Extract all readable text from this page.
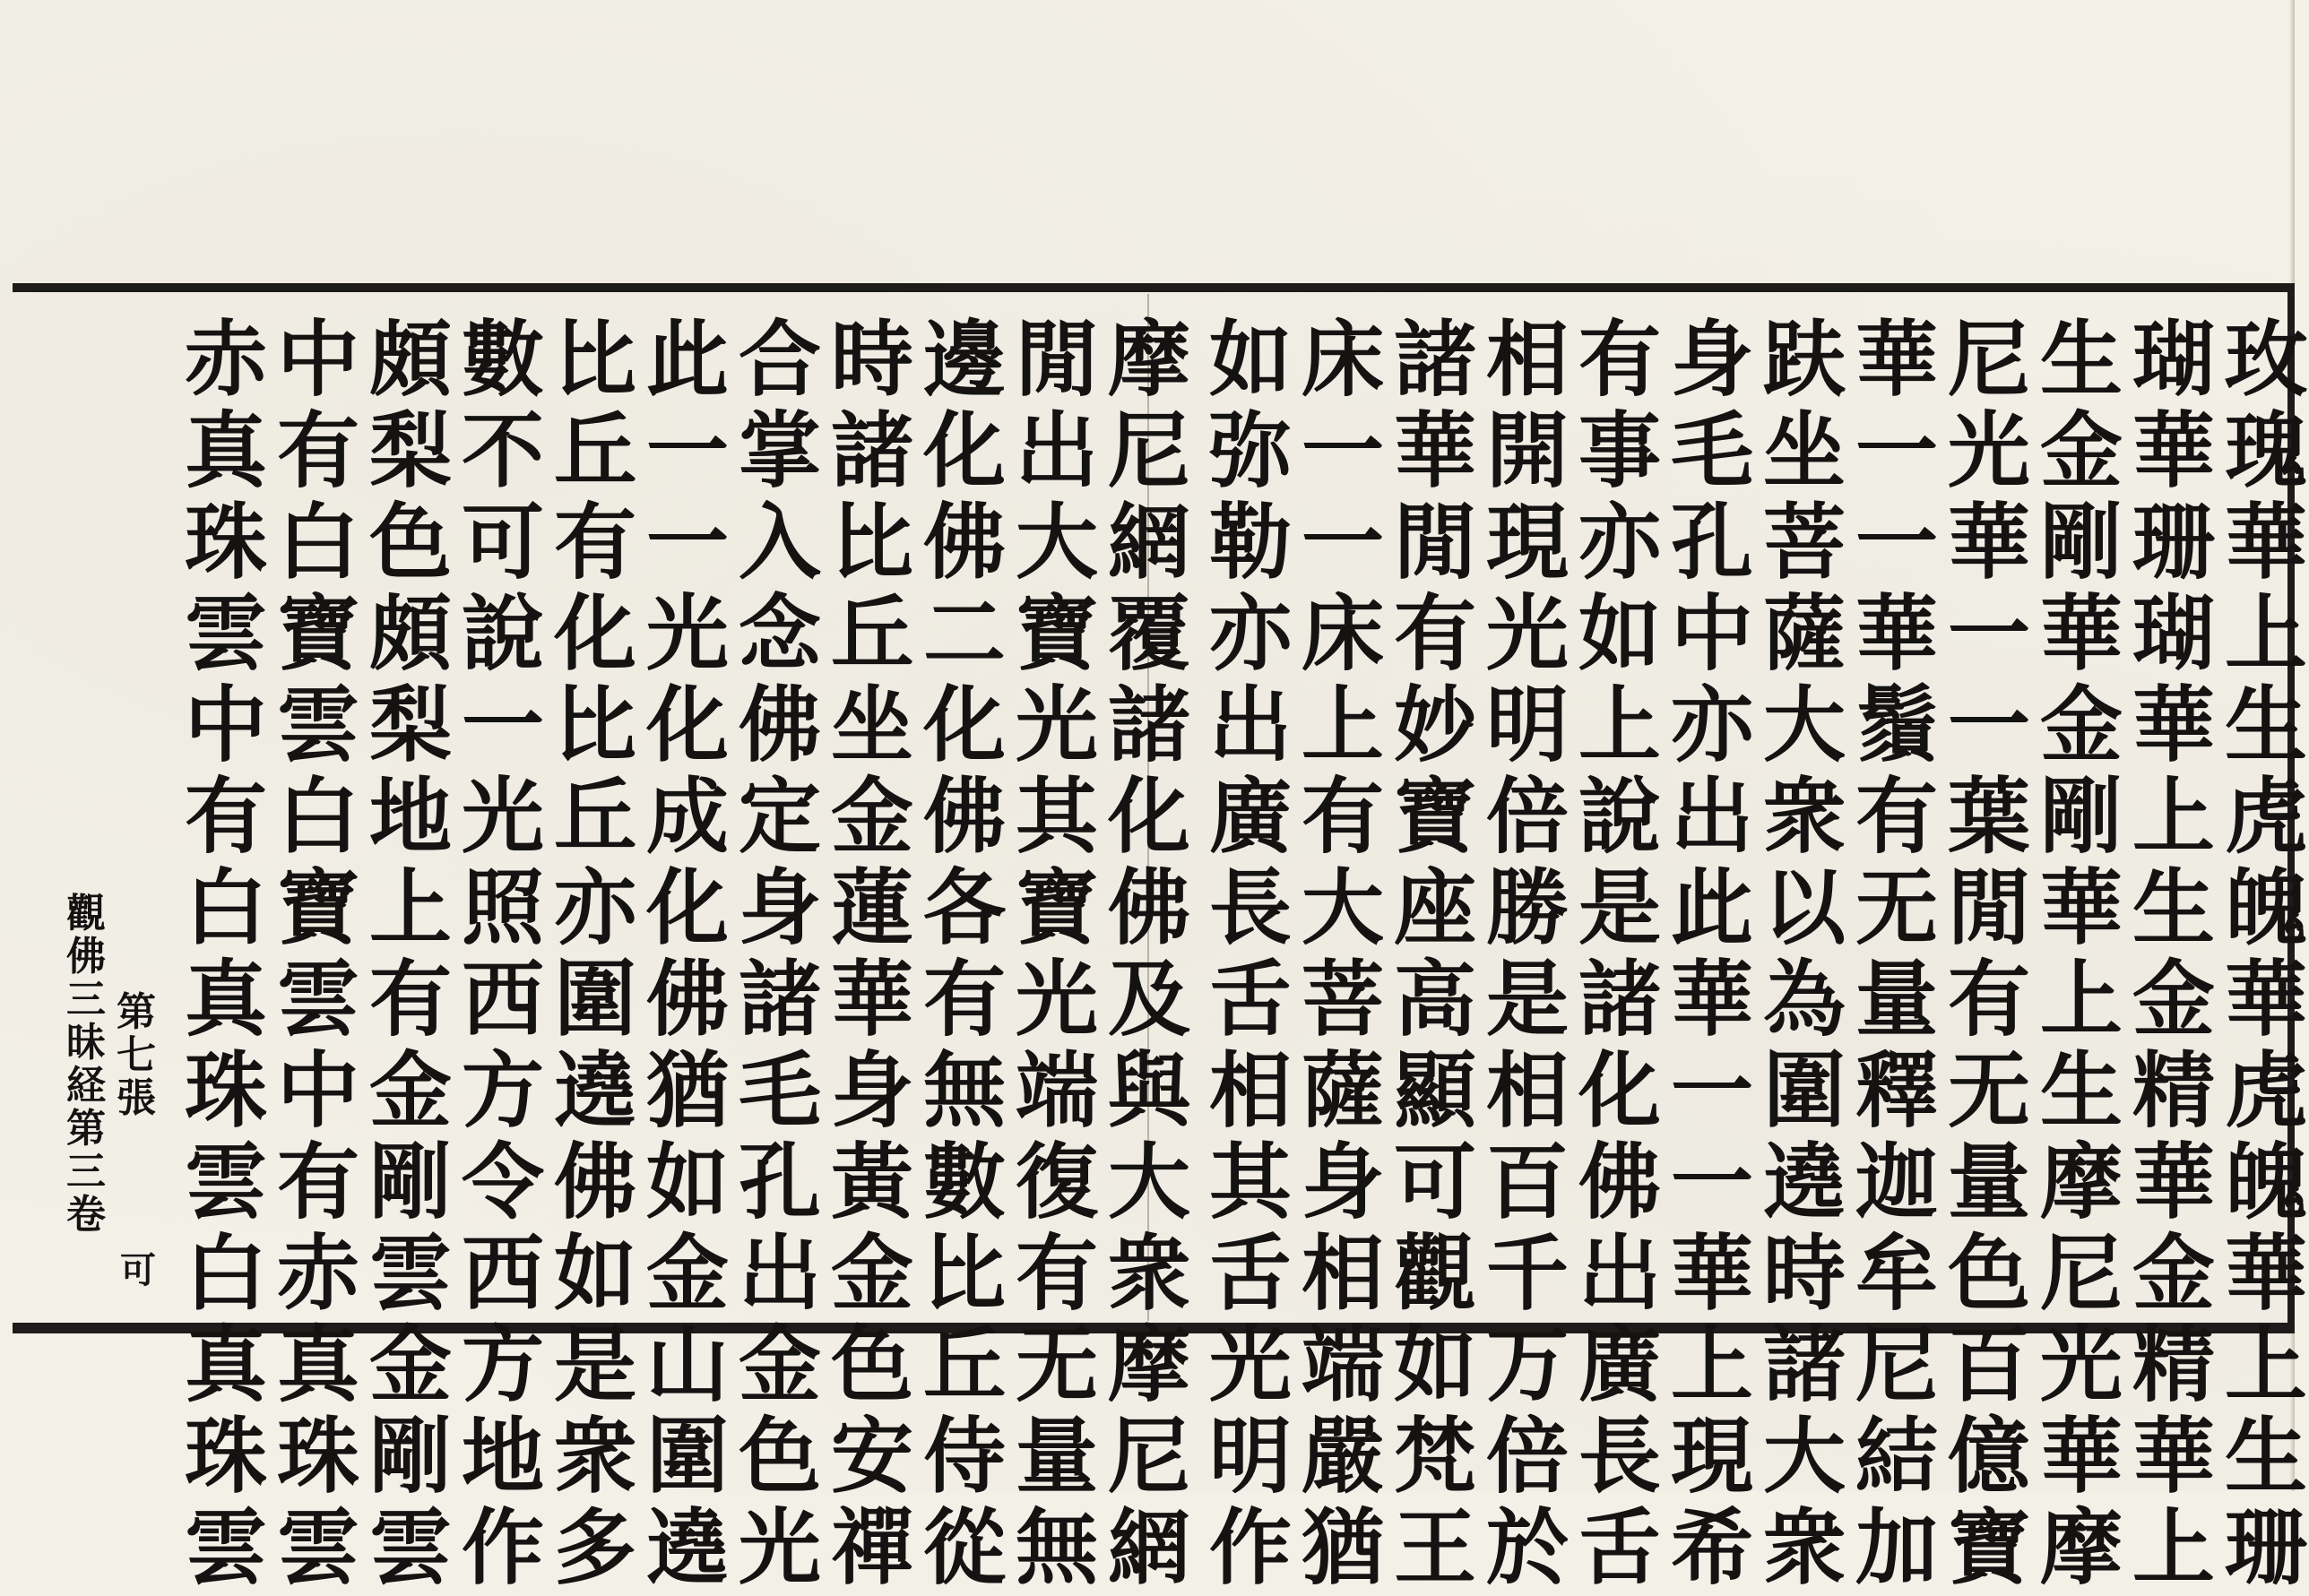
玫
瑰
華
上
生
虎
魄
華
虎
魄
華
上
生
珊
瑚
華
珊
瑚
華
上
生
金
精
華
金
精
華
上
生
金
剛
華
金
剛
華
上
生
摩
尼
光
華
摩
尼
光
華
一
一
葉
閒
有
无
量
色
百
億
寶
華
一
一
華
鬚
有
无
量
釋
迦
牟
尼
結
加
趺
坐
菩
薩
大
衆
以
為
圍
遶
時
諸
大
衆
身
毛
孔
中
亦
出
此
華
一
一
華
上
現
希
有
事
亦
如
上
說
是
諸
化
佛
出
廣
長
舌
相
開
現
光
明
倍
勝
是
相
百
千
万
倍
於
諸
華
閒
有
妙
寶
座
高
顯
可
觀
如
梵
王
床
一
一
床
上
有
大
菩
薩
身
相
端
嚴
猶
如
弥
勒
亦
出
廣
長
舌
相
其
舌
光
明
作
摩
尼
網
覆
諸
化
佛
及
與
大
衆
摩
尼
網
閒
出
大
寶
光
其
寶
光
端
復
有
无
量
無
邊
化
佛
二
化
佛
各
有
無
數
比
丘
侍
從
時
諸
比
丘
坐
金
蓮
華
身
黃
金
色
安
禪
合
掌
入
念
佛
定
身
諸
毛
孔
出
金
色
光
此
一
一
光
化
成
化
佛
猶
如
金
山
圍
遶
比
丘
有
化
比
丘
亦
圍
遶
佛
如
是
衆
多
數
不
可
說
一
光
照
西
方
令
西
方
地
作
頗
梨
色
頗
梨
地
上
有
金
剛
雲
金
剛
雲
中
有
白
寶
雲
白
寶
雲
中
有
赤
真
珠
雲
赤
真
珠
雲
中
有
白
真
珠
雲
白
真
珠
雲
觀
佛
三
昧
経
第
三
卷
第
七
張
可
